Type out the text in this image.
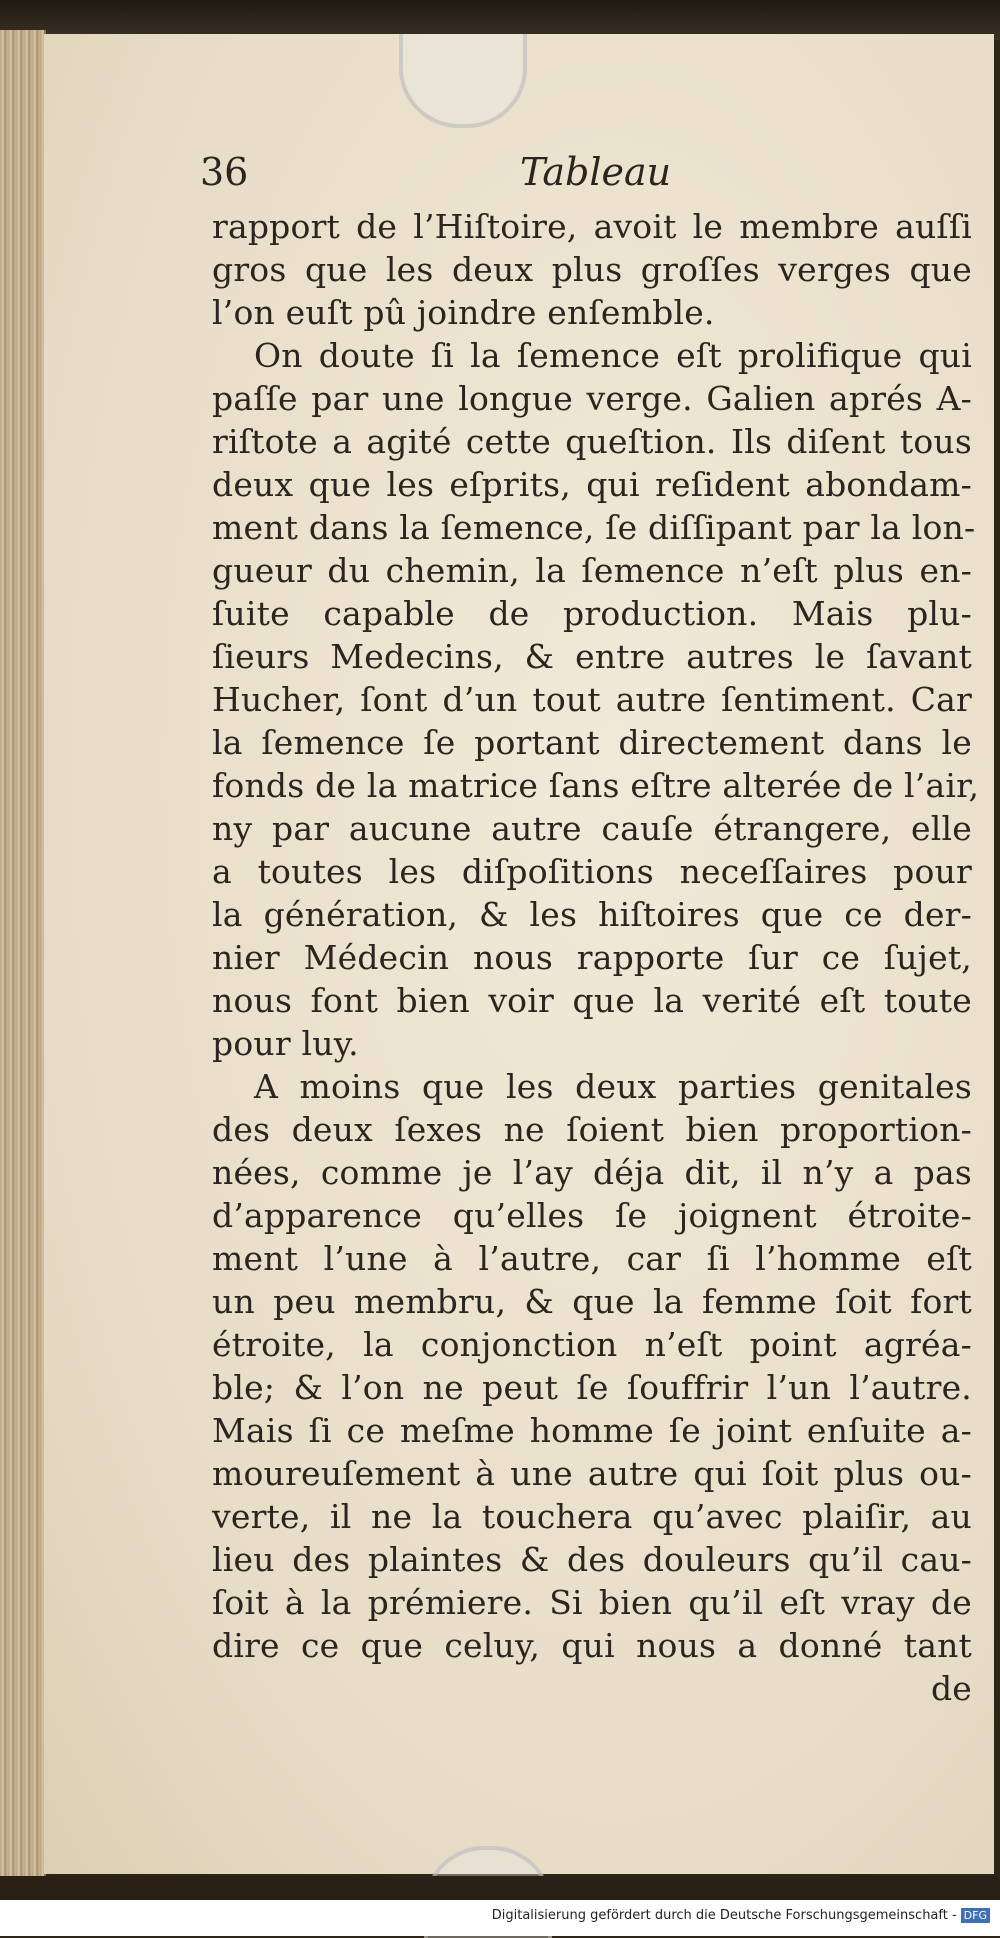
36	Tableau
rapport de l’Hiſtoire, avoit le membre auſſi
gros que les deux plus groſſes verges que
l’on euſt pû joindre enſemble.
On doute ſi la ſemence eſt prolifique qui
paſſe par une longue verge. Galien aprés A-
riſtote a agité cette queſtion. Ils diſent tous
deux que les eſprits, qui reſident abondam-
ment dans la ſemence, ſe diſſipant par la lon-
gueur du chemin, la ſemence n’eſt plus en-
ſuite capable de production. Mais plu-
ſieurs Medecins, & entre autres le ſavant
Hucher, ſont d’un tout autre ſentiment. Car
la ſemence ſe portant directement dans le
fonds de la matrice ſans eſtre alterée de l’air,
ny par aucune autre cauſe étrangere, elle
a toutes les diſpoſitions neceſſaires pour
la génération, & les hiſtoires que ce der-
nier Médecin nous rapporte ſur ce ſujet,
nous font bien voir que la verité eſt toute
pour luy.
A moins que les deux parties genitales
des deux ſexes ne ſoient bien proportion-
nées, comme je l’ay déja dit, il n’y a pas
d’apparence qu’elles ſe joignent étroite-
ment l’une à l’autre, car ſi l’homme eſt
un peu membru, & que la femme ſoit fort
étroite, la conjonction n’eſt point agréa-
ble; & l’on ne peut ſe ſouffrir l’un l’autre.
Mais ſi ce meſme homme ſe joint enſuite a-
moureuſement à une autre qui ſoit plus ou-
verte, il ne la touchera qu’avec plaiſir, au
lieu des plaintes & des douleurs qu’il cau-
ſoit à la prémiere. Si bien qu’il eſt vray de
dire ce que celuy, qui nous a donné tant
de
Digitalisierung gefördert durch die Deutsche Forschungsgemeinschaft - DFG
